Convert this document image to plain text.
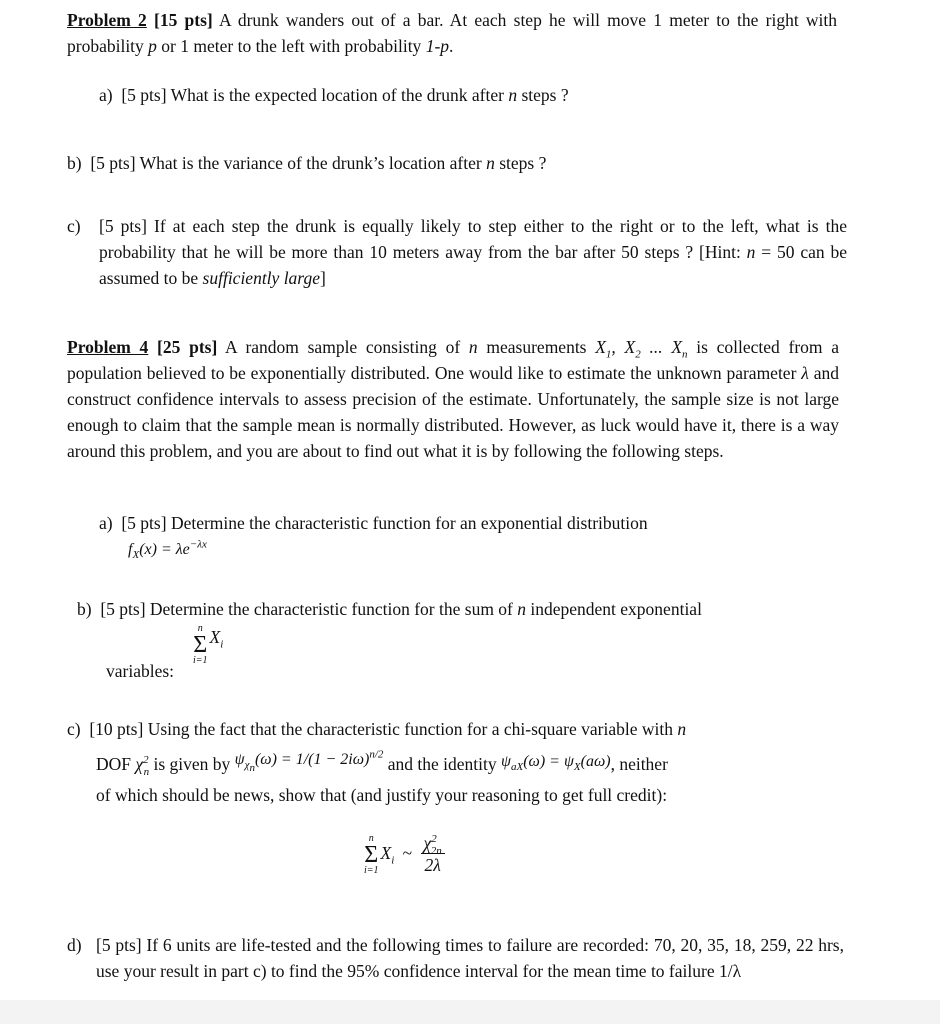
Problem 2 [15 pts] A drunk wanders out of a bar. At each step he will move 1 meter to the right with probability p or 1 meter to the left with probability 1-p.
a) [5 pts] What is the expected location of the drunk after n steps ?
b) [5 pts] What is the variance of the drunk’s location after n steps ?
c) [5 pts] If at each step the drunk is equally likely to step either to the right or to the left, what is the probability that he will be more than 10 meters away from the bar after 50 steps ? [Hint: n = 50 can be assumed to be sufficiently large]
Problem 4 [25 pts] A random sample consisting of n measurements $X_1$, $X_2$ ... $X_n$ is collected from a population believed to be exponentially distributed. One would like to estimate the unknown parameter λ and construct confidence intervals to assess precision of the estimate. Unfortunately, the sample size is not large enough to claim that the sample mean is normally distributed. However, as luck would have it, there is a way around this problem, and you are about to find out what it is by following the following steps.
a) [5 pts] Determine the characteristic function for an exponential distribution
$f_X(x) = \lambda e^{-\lambda x}$
b) [5 pts] Determine the characteristic function for the sum of n independent exponential
variables:
n
Σ
i=1
$X_i$
c) [10 pts] Using the fact that the characteristic function for a chi-square variable with n
DOF $\chi^2_n$ is given by $\psi_{\chi_n}(\omega) = 1/(1 - 2i\omega)^{n/2}$ and the identity $\psi_{aX}(\omega) = \psi_X(a\omega)$, neither
of which should be news, show that (and justify your reasoning to get full credit):
n
Σ
i=1
$X_i$ ~ $\frac{\chi^2_{2n}}{2\lambda}$
d) [5 pts] If 6 units are life-tested and the following times to failure are recorded: 70, 20, 35, 18, 259, 22 hrs, use your result in part c) to find the 95% confidence interval for the mean time to failure 1/λ
